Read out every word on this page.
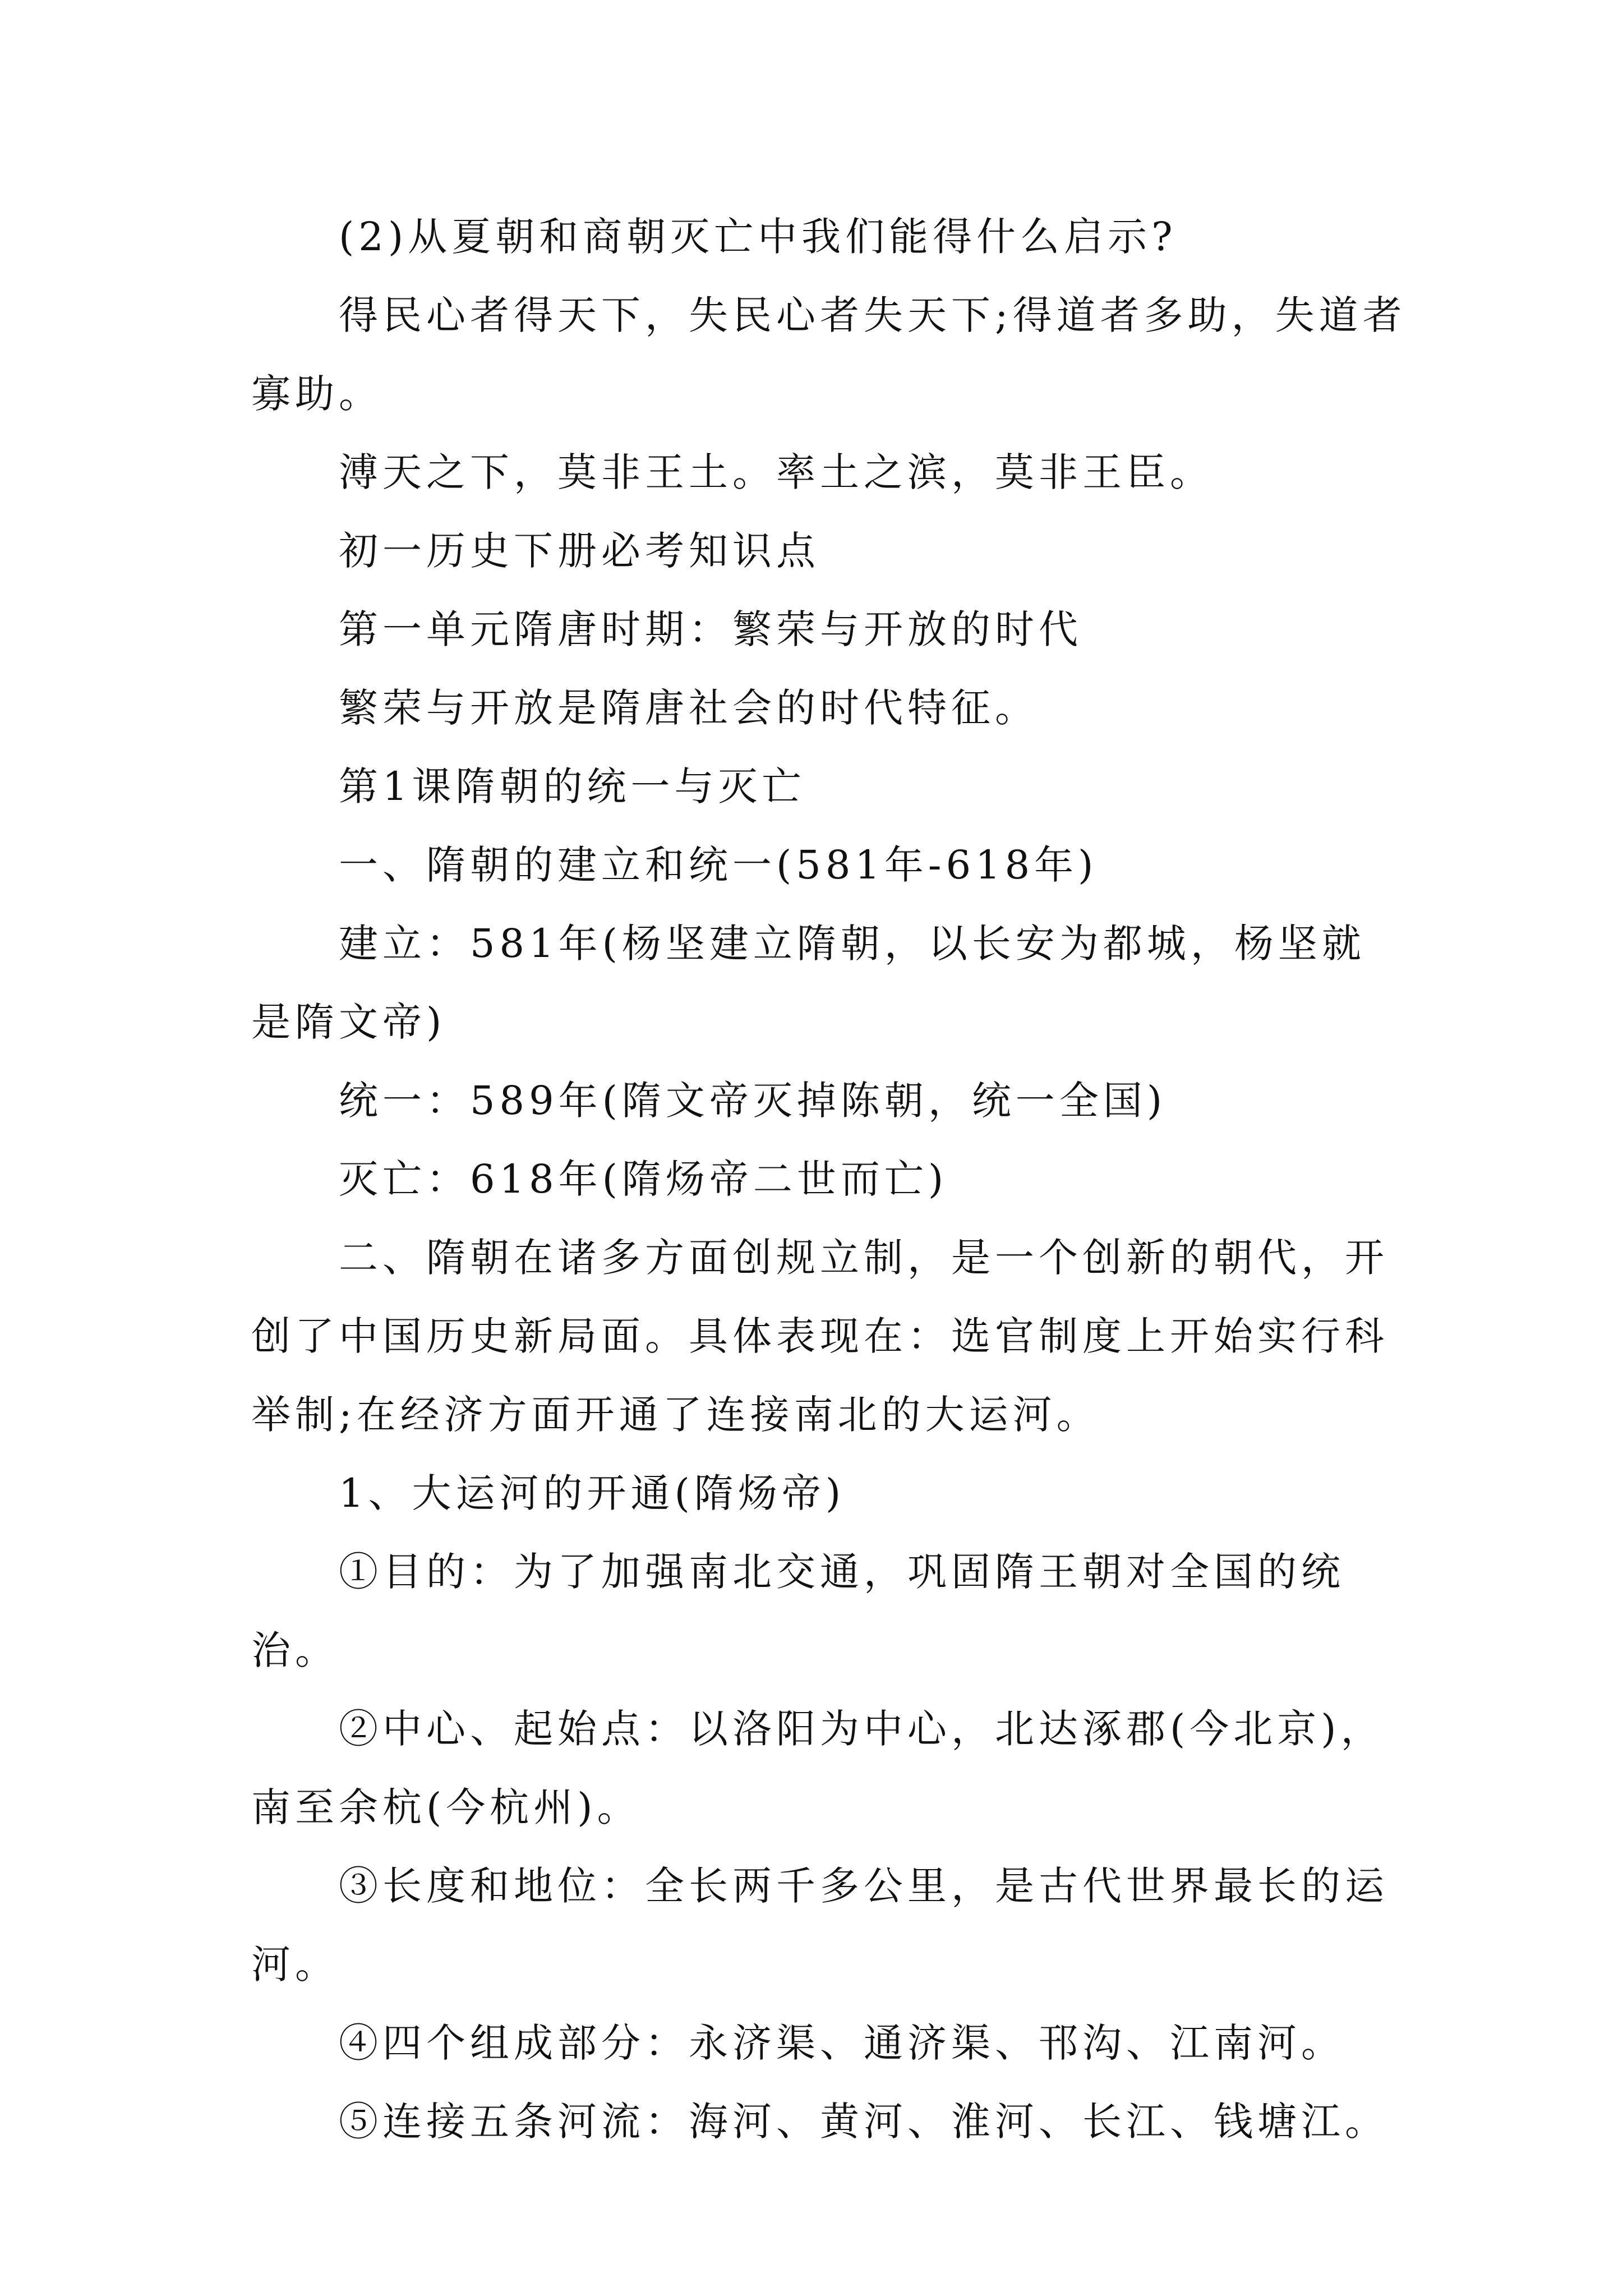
(2)从夏朝和商朝灭亡中我们能得什么启示?

得民心者得天下，失民心者失天下;得道者多助，失道者寡助。

溥天之下，莫非王土。率土之滨，莫非王臣。

初一历史下册必考知识点

第一单元隋唐时期：繁荣与开放的时代

繁荣与开放是隋唐社会的时代特征。

第1课隋朝的统一与灭亡

一、隋朝的建立和统一(581年-618年)

建立：581年(杨坚建立隋朝，以长安为都城，杨坚就是隋文帝)

统一：589年(隋文帝灭掉陈朝，统一全国)

灭亡：618年(隋炀帝二世而亡)

二、隋朝在诸多方面创规立制，是一个创新的朝代，开创了中国历史新局面。具体表现在：选官制度上开始实行科举制;在经济方面开通了连接南北的大运河。

1、大运河的开通(隋炀帝)

①目的：为了加强南北交通，巩固隋王朝对全国的统治。

②中心、起始点：以洛阳为中心，北达涿郡(今北京)，南至余杭(今杭州)。

③长度和地位：全长两千多公里，是古代世界最长的运河。

④四个组成部分：永济渠、通济渠、邗沟、江南河。

⑤连接五条河流：海河、黄河、淮河、长江、钱塘江。
